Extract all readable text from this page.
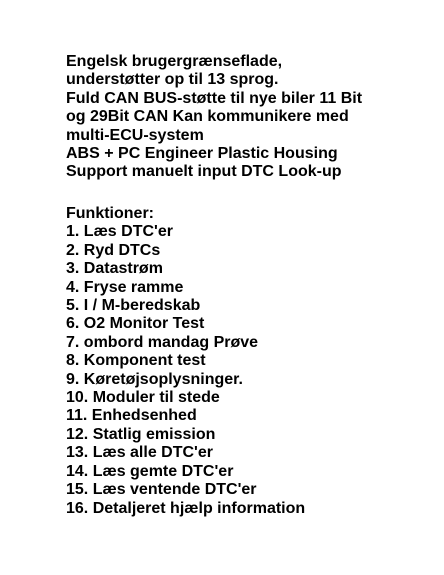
Engelsk brugergrænseflade,
understøtter op til 13 sprog.
Fuld CAN BUS-støtte til nye biler 11 Bit
og 29Bit CAN Kan kommunikere med
multi-ECU-system
ABS + PC Engineer Plastic Housing
Support manuelt input DTC Look-up
Funktioner:
1. Læs DTC'er
2. Ryd DTCs
3. Datastrøm
4. Fryse ramme
5. I / M-beredskab
6. O2 Monitor Test
7. ombord mandag Prøve
8. Komponent test
9. Køretøjsoplysninger.
10. Moduler til stede
11. Enhedsenhed
12. Statlig emission
13. Læs alle DTC'er
14. Læs gemte DTC'er
15. Læs ventende DTC'er
16. Detaljeret hjælp information
